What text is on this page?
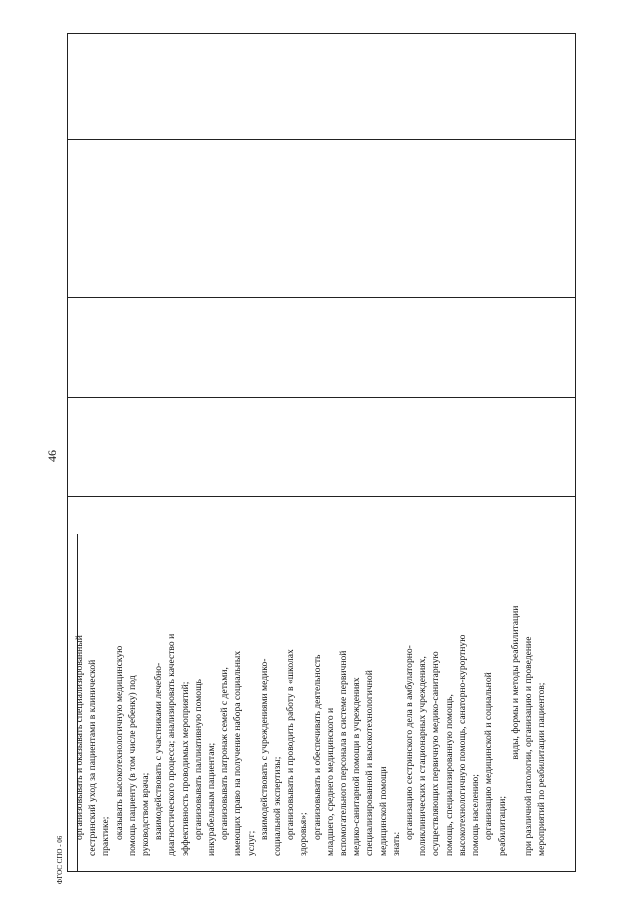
46
ФГОС СПО - 06
организовывать и оказывать специализированный сестринский уход за пациентами в клинической практике; оказывать высокотехнологичную медицинскую помощь пациенту (в том числе ребенку) под руководством врача; взаимодействовать с участниками лечебно- диагностического процесса; анализировать качество и эффективность проводимых мероприятий; организовывать паллиативную помощь инкурабельным пациентам; организовывать патронаж семей с детьми, имеющих право на получение набора социальных услуг;
взаимодействовать с учреждениями медико- социальной экспертизы; организовывать и проводить работу в «школах здоровья»; организовывать и обеспечивать деятельность младшего, среднего медицинского и вспомогательного персонала в системе первичной медико-санитарной помощи в учреждениях специализированной и высокотехнологичной медицинской помощи знать:
организацию сестринского дела в амбулаторно- поликлинических и стационарных учреждениях, осуществляющих первичную медико-санитарную помощь, специализированную помощь, высокотехнологичную помощь, санаторно-курортную помощь населению; организацию медицинской и социальной реабилитации;
виды, формы и методы реабилитации при различной патологии, организацию и проведение мероприятий по реабилитации пациентов;
